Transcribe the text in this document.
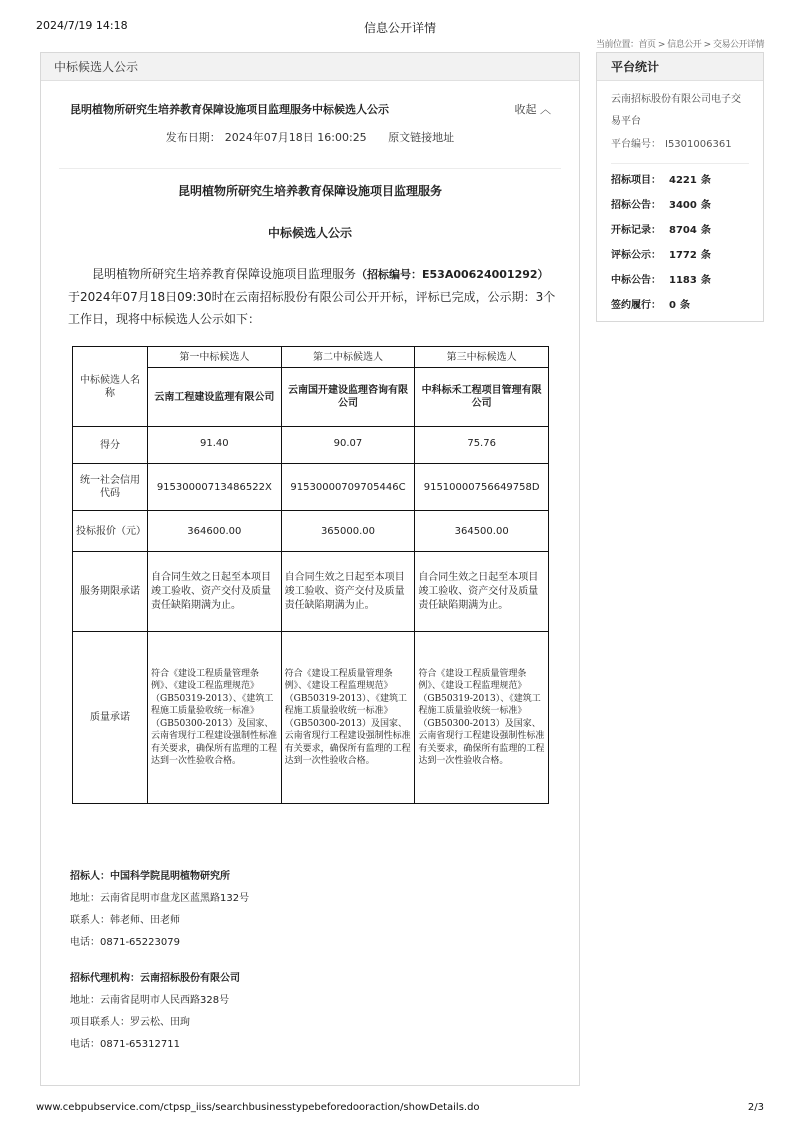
2024/7/19 14:18	信息公开详情
当前位置：首页 > 信息公开 > 交易公开详情
中标候选人公示
昆明植物所研究生培养教育保障设施项目监理服务中标候选人公示	收起 ︿
发布日期： 2024年07月18日 16:00:25 原文链接地址
昆明植物所研究生培养教育保障设施项目监理服务
中标候选人公示

昆明植物所研究生培养教育保障设施项目监理服务（招标编号：E53A00624001292）于2024年07月18日09:30时在云南招标股份有限公司公开开标，评标已完成，公示期：3个工作日，现将中标候选人公示如下：

中标候选人名称	第一中标候选人	第二中标候选人	第三中标候选人
	云南工程建设监理有限公司	云南国开建设监理咨询有限公司	中科标禾工程项目管理有限公司
得分	91.40	90.07	75.76
统一社会信用代码	91530000713486522X	91530000709705446C	91510000756649758D
投标报价（元）	364600.00	365000.00	364500.00
服务期限承诺	自合同生效之日起至本项目竣工验收、资产交付及质量责任缺陷期满为止。	自合同生效之日起至本项目竣工验收、资产交付及质量责任缺陷期满为止。	自合同生效之日起至本项目竣工验收、资产交付及质量责任缺陷期满为止。
质量承诺	符合《建设工程质量管理条例》、《建设工程监理规范》（GB50319-2013）、《建筑工程施工质量验收统一标准》（GB50300-2013）及国家、云南省现行工程建设强制性标准有关要求，确保所有监理的工程达到一次性验收合格。	符合《建设工程质量管理条例》、《建设工程监理规范》（GB50319-2013）、《建筑工程施工质量验收统一标准》（GB50300-2013）及国家、云南省现行工程建设强制性标准有关要求，确保所有监理的工程达到一次性验收合格。	符合《建设工程质量管理条例》、《建设工程监理规范》（GB50319-2013）、《建筑工程施工质量验收统一标准》（GB50300-2013）及国家、云南省现行工程建设强制性标准有关要求，确保所有监理的工程达到一次性验收合格。
招标人：中国科学院昆明植物研究所
地址：云南省昆明市盘龙区蓝黑路132号
联系人：韩老师、田老师
电话：0871-65223079
招标代理机构：云南招标股份有限公司
地址：云南省昆明市人民西路328号
项目联系人：罗云松、田珣
电话：0871-65312711
平台统计
云南招标股份有限公司电子交易平台
平台编号： I5301006361
招标项目： 4221 条
招标公告： 3400 条
开标记录： 8704 条
评标公示： 1772 条
中标公告： 1183 条
签约履行： 0 条
www.cebpubservice.com/ctpsp_iiss/searchbusinesstypebeforedooraction/showDetails.do	2/3
